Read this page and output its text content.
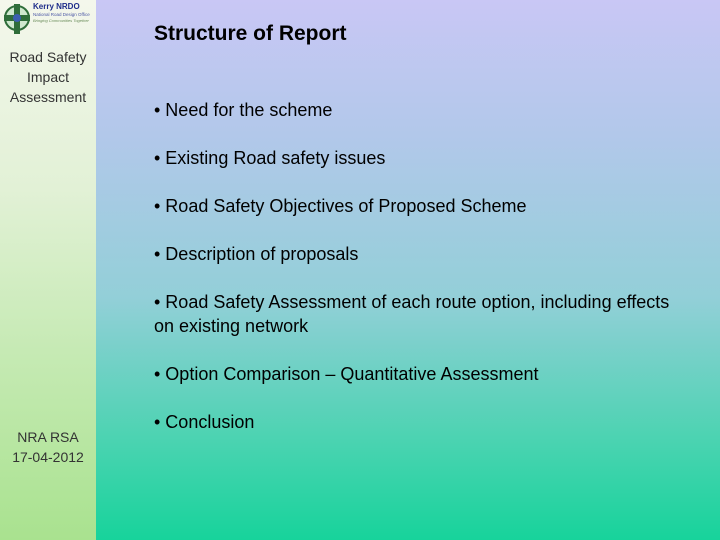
Kerry NRDO
National Road Design Office
Bringing Communities Together
Road Safety
Impact
Assessment
NRA RSA
17-04-2012
Structure of Report
• Need for the scheme
• Existing Road safety issues
• Road Safety Objectives of Proposed Scheme
• Description of proposals
• Road Safety Assessment of each route option, including effects on existing network
• Option Comparison – Quantitative Assessment
• Conclusion
